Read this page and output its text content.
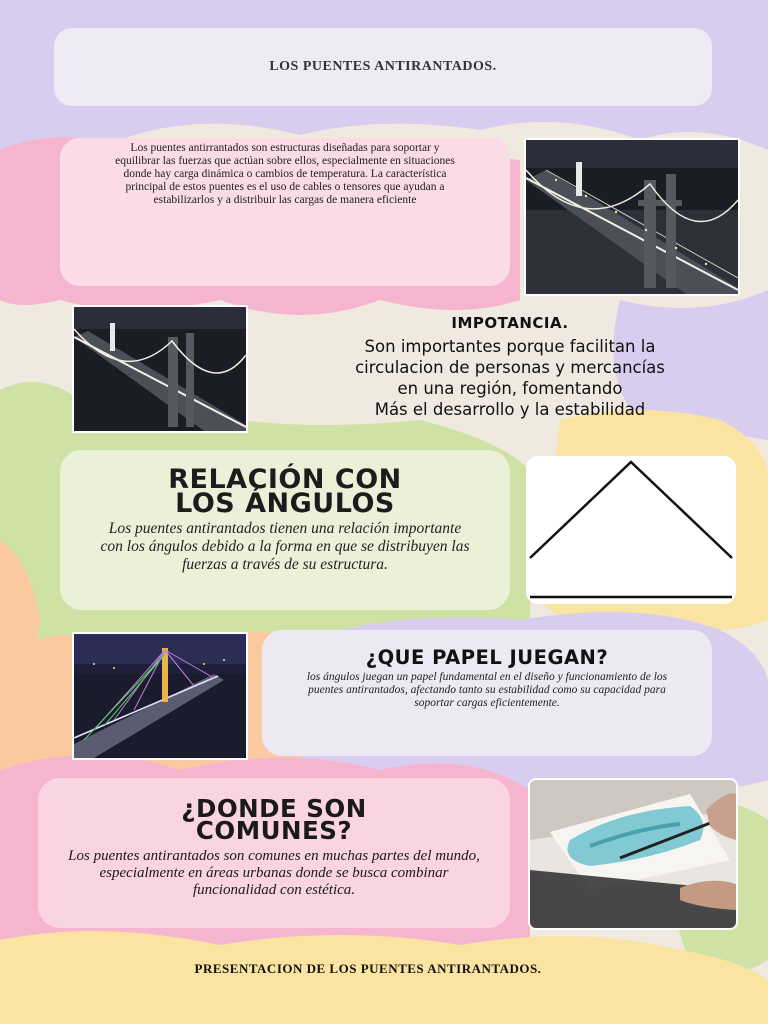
LOS PUENTES ANTIRANTADOS.
Los puentes antirrantados son estructuras diseñadas para soportar y equilibrar las fuerzas que actúan sobre ellos, especialmente en situaciones donde hay carga dinámica o cambios de temperatura. La característica principal de estos puentes es el uso de cables o tensores que ayudan a estabilizarlos y a distribuir las cargas de manera eficiente
IMPOTANCIA.
Son importantes porque facilitan la
circulacion de personas y mercancías
en una región, fomentando
Más el desarrollo y la estabilidad
RELACIÓN CON
LOS ÁNGULOS
Los puentes antirantados tienen una relación importante con los ángulos debido a la forma en que se distribuyen las fuerzas a través de su estructura.
¿QUE PAPEL JUEGAN?
los ángulos juegan un papel fundamental en el diseño y funcionamiento de los puentes antirantados, afectando tanto su estabilidad como su capacidad para soportar cargas eficientemente.
¿DONDE SON
COMUNES?
Los puentes antirantados son comunes en muchas partes del mundo, especialmente en áreas urbanas donde se busca combinar funcionalidad con estética.
PRESENTACION DE LOS PUENTES ANTIRANTADOS.
